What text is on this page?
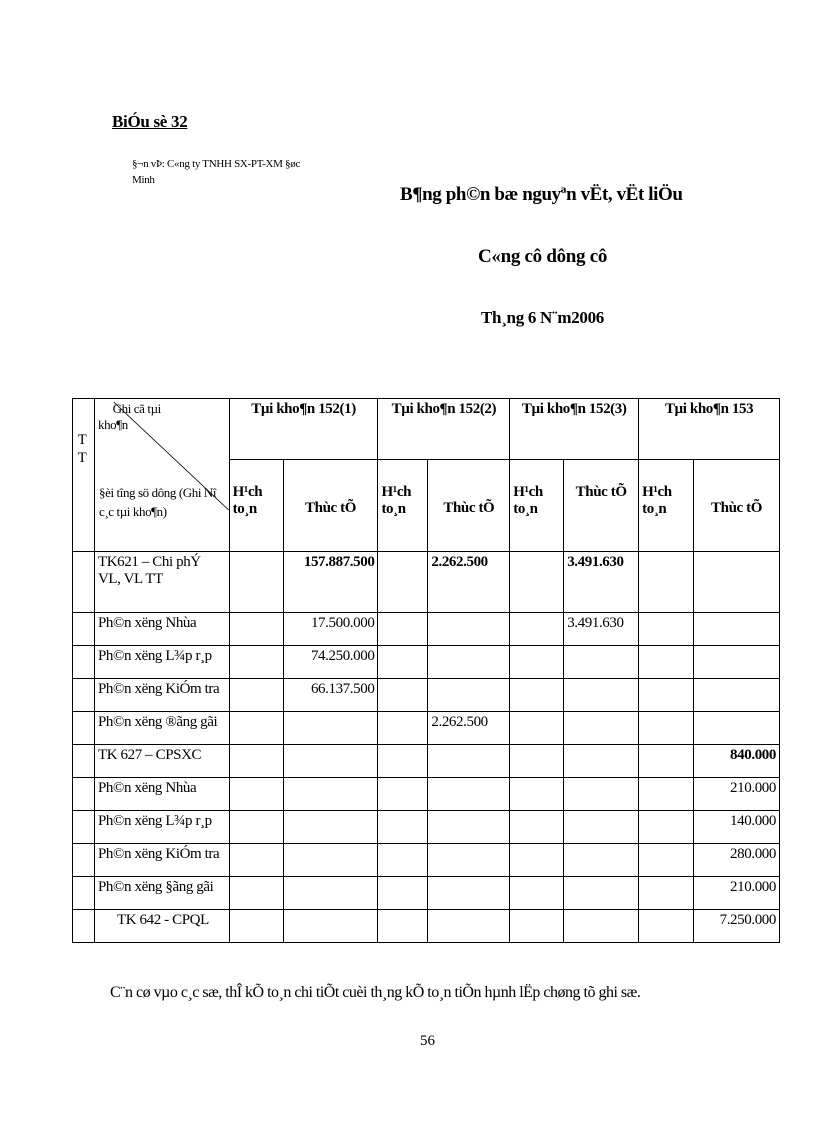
BiÓu sè 32
§¬n vÞ: C«ng ty TNHH SX-PT-XM §øc Minh
B¶ng ph©n bæ nguyªn vËt, vËt liÖu
C«ng cô dông cô
Th¸ng 6 N¨m2006
T T	Ghi cã tµi
kho¶n
§èi tîng sö dông (Ghi Nî c¸c tµi kho¶n)	Tµi kho¶n 152(1)		Tµi kho¶n 152(2)		Tµi kho¶n 152(3)		Tµi kho¶n 153	
		H¹ch to¸n	Thùc tÕ	H¹ch to¸n	Thùc tÕ	H¹ch to¸n	Thùc tÕ	H¹ch to¸n	Thùc tÕ
	TK621 – Chi phÝ VL, VL TT		157.887.500		2.262.500		3.491.630		
	Ph©n xëng Nhùa		17.500.000				3.491.630		
	Ph©n xëng L¾p r¸p		74.250.000						
	Ph©n xëng KiÓm tra		66.137.500						
	Ph©n xëng ®ãng gãi				2.262.500				
	TK 627 – CPSXC								840.000
	Ph©n xëng Nhùa								210.000
	Ph©n xëng L¾p r¸p								140.000
	Ph©n xëng KiÓm tra								280.000
	Ph©n xëng §ãng gãi								210.000
	TK 642 - CPQL								7.250.000
C¨n cø vµo c¸c sæ, thÎ kÕ to¸n chi tiÕt cuèi th¸ng kÕ to¸n tiÕn hµnh lËp chøng tõ ghi sæ.
56
